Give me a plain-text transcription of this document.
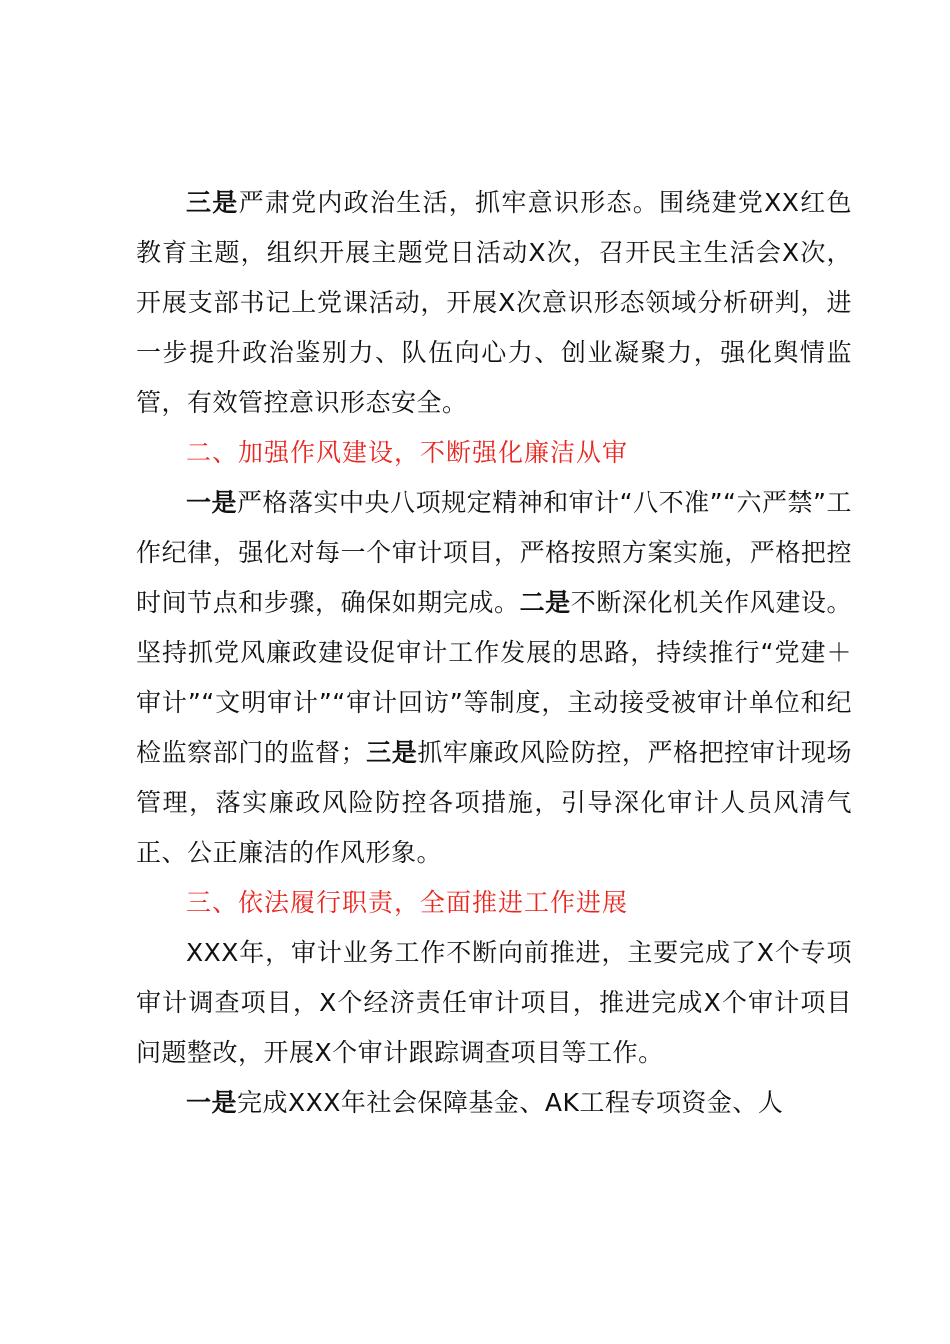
三是严肃党内政治生活，抓牢意识形态。围绕建党XX红色教育主题，组织开展主题党日活动X次，召开民主生活会X次，开展支部书记上党课活动，开展X次意识形态领域分析研判，进一步提升政治鉴别力、队伍向心力、创业凝聚力，强化舆情监管，有效管控意识形态安全。

二、加强作风建设，不断强化廉洁从审

一是严格落实中央八项规定精神和审计“八不准”“六严禁”工作纪律，强化对每一个审计项目，严格按照方案实施，严格把控时间节点和步骤，确保如期完成。二是不断深化机关作风建设。坚持抓党风廉政建设促审计工作发展的思路，持续推行“党建＋审计”“文明审计”“审计回访”等制度，主动接受被审计单位和纪检监察部门的监督；三是抓牢廉政风险防控，严格把控审计现场管理，落实廉政风险防控各项措施，引导深化审计人员风清气正、公正廉洁的作风形象。

三、依法履行职责，全面推进工作进展

XXX年，审计业务工作不断向前推进，主要完成了X个专项审计调查项目，X个经济责任审计项目，推进完成X个审计项目问题整改，开展X个审计跟踪调查项目等工作。

一是完成XXX年社会保障基金、AK工程专项资金、人
